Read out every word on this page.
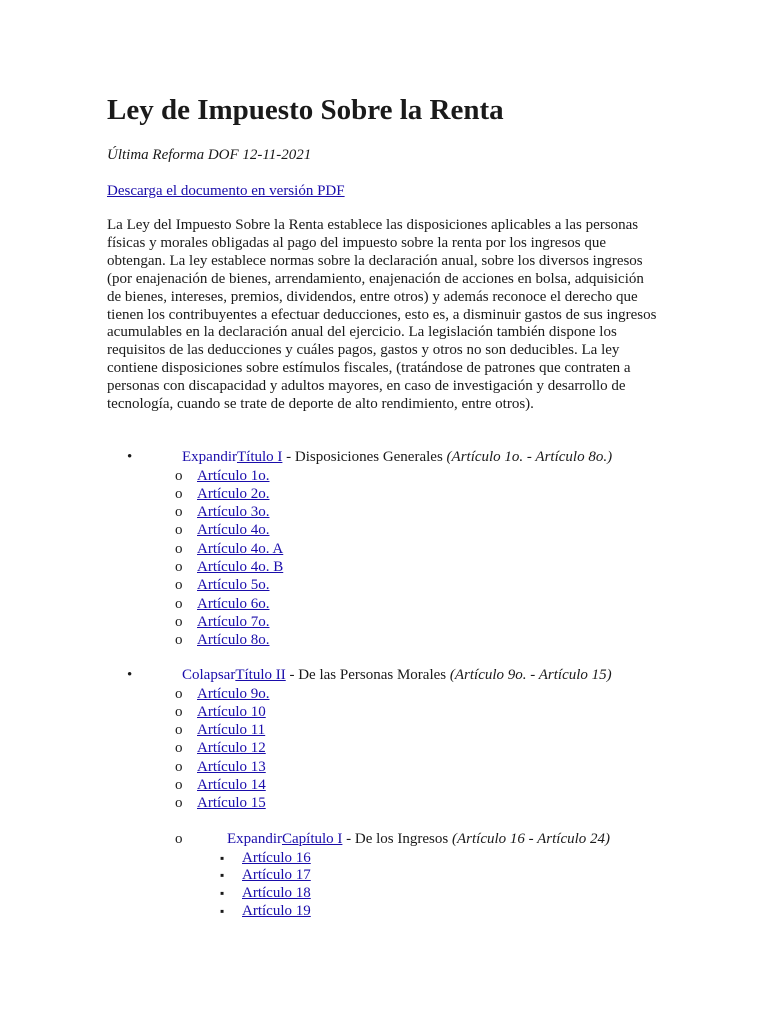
Ley de Impuesto Sobre la Renta

Última Reforma DOF 12-11-2021

Descarga el documento en versión PDF
La Ley del Impuesto Sobre la Renta establece las disposiciones aplicables a las personas
físicas y morales obligadas al pago del impuesto sobre la renta por los ingresos que
obtengan. La ley establece normas sobre la declaración anual, sobre los diversos ingresos
(por enajenación de bienes, arrendamiento, enajenación de acciones en bolsa, adquisición
de bienes, intereses, premios, dividendos, entre otros) y además reconoce el derecho que
tienen los contribuyentes a efectuar deducciones, esto es, a disminuir gastos de sus ingresos
acumulables en la declaración anual del ejercicio. La legislación también dispone los
requisitos de las deducciones y cuáles pagos, gastos y otros no son deducibles. La ley
contiene disposiciones sobre estímulos fiscales, (tratándose de patrones que contraten a
personas con discapacidad y adultos mayores, en caso de investigación y desarrollo de
tecnología, cuando se trate de deporte de alto rendimiento, entre otros).
•	ExpandirTítulo I - Disposiciones Generales (Artículo 1o. - Artículo 8o.)
o Artículo 1o.
o Artículo 2o.
o Artículo 3o.
o Artículo 4o.
o Artículo 4o. A
o Artículo 4o. B
o Artículo 5o.
o Artículo 6o.
o Artículo 7o.
o Artículo 8o.
•	ColapsarTítulo II - De las Personas Morales (Artículo 9o. - Artículo 15)
o Artículo 9o.
o Artículo 10
o Artículo 11
o Artículo 12
o Artículo 13
o Artículo 14
o Artículo 15
o	ExpandirCapítulo I - De los Ingresos (Artículo 16 - Artículo 24)
▪ Artículo 16
▪ Artículo 17
▪ Artículo 18
▪ Artículo 19
